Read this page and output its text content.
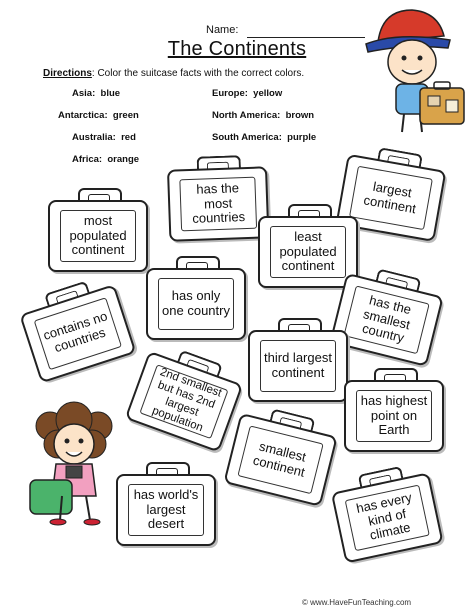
Name:
The Continents
Directions: Color the suitcase facts with the correct colors.
Asia: blue
Antarctica: green
Australia: red
Africa: orange
Europe: yellow
North America: brown
South America: purple
most populated continent
has the most countries
largest continent
least populated continent
contains no countries
has only one country	has the smallest country
third largest continent
2nd smallest but has 2nd largest population
has highest point on Earth
smallest continent
has world's largest desert
has every kind of climate
© www.HaveFunTeaching.com
